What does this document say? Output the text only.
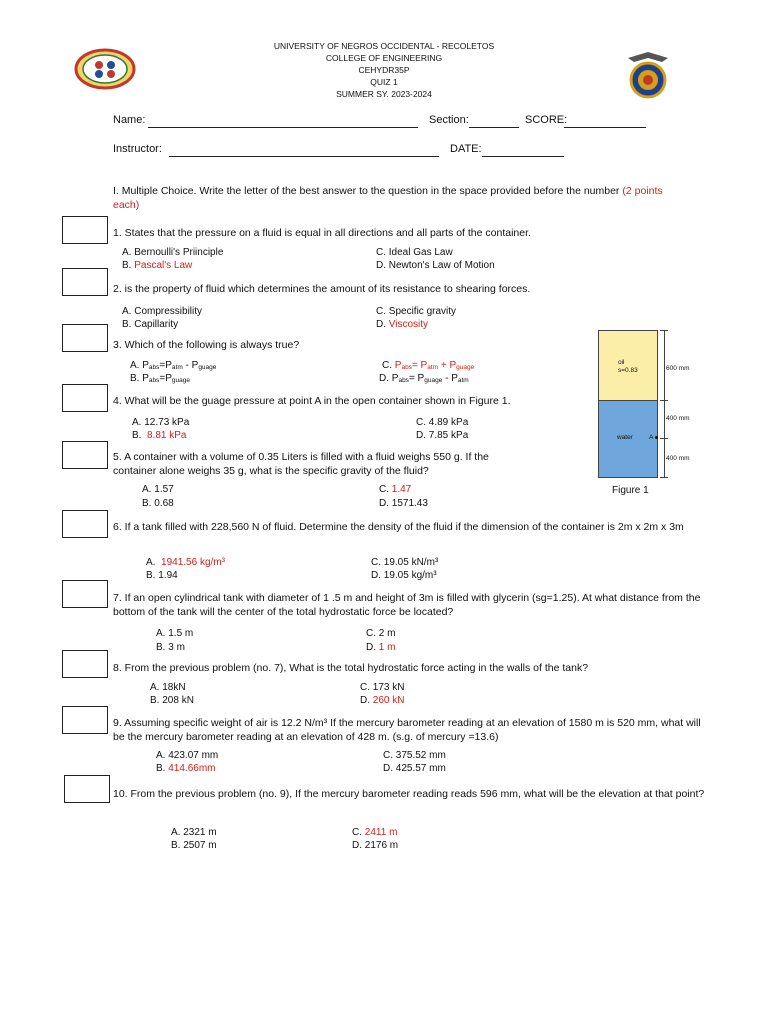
UNIVERSITY OF NEGROS OCCIDENTAL - RECOLETOS
COLLEGE OF ENGINEERING
CEHYDR35P
QUIZ 1
SUMMER SY. 2023-2024
Name:	Section:	SCORE:
Instructor:	DATE:
I. Multiple Choice. Write the letter of the best answer to the question in the space provided before the number (2 points each)
1. States that the pressure on a fluid is equal in all directions and all parts of the container.
A. Bernoulli's Priinciple
B. Pascal's Law
C. Ideal Gas Law
D. Newton's Law of Motion
2. is the property of fluid which determines the amount of its resistance to shearing forces.
A. Compressibility
B. Capillarity
C. Specific gravity
D. Viscosity
3. Which of the following is always true?
A. $P_{abs}=P_{atm} - P_{guage}$
B. $P_{abs}=P_{guage}$
C. $P_{abs}= P_{atm} + P_{guage}$
D. $P_{abs}= P_{guage} - P_{atm}$
4. What will be the guage pressure at point A in the open container shown in Figure 1.
A. 12.73 kPa
B. 8.81 kPa
C. 4.89 kPa
D. 7.85 kPa
5. A container with a volume of 0.35 Liters is filled with a fluid weighs 550 g. If the
container alone weighs 35 g, what is the specific gravity of the fluid?
A. 1.57
B. 0.68
C. 1.47
D. 1571.43
6. If a tank filled with 228,560 N of fluid. Determine the density of the fluid if the dimension of the container is 2m x 2m x 3m
A. 1941.56 kg/m³
B. 1.94
C. 19.05 kN/m³
D. 19.05 kg/m³
7. If an open cylindrical tank with diameter of 1 .5 m and height of 3m is filled with glycerin (sg=1.25). At what distance from the bottom of the tank will the center of the total hydrostatic force be located?
A. 1.5 m
B. 3 m
C. 2 m
D. 1 m
8. From the previous problem (no. 7), What is the total hydrostatic force acting in the walls of the tank?
A. 18kN
B. 208 kN
C. 173 kN
D. 260 kN
9. Assuming specific weight of air is 12.2 N/m³ If the mercury barometer reading at an elevation of 1580 m is 520 mm, what will be the mercury barometer reading at an elevation of 428 m. (s.g. of mercury =13.6)
A. 423.07 mm
B. 414.66mm
C. 375.52 mm
D. 425.57 mm
10. From the previous problem (no. 9), If the mercury barometer reading reads 596 mm, what will be the elevation at that point?
A. 2321 m
B. 2507 m
C. 2411 m
D. 2176 m
oil
s=0.83
water A
600 mm
400 mm
400 mm
Figure 1
